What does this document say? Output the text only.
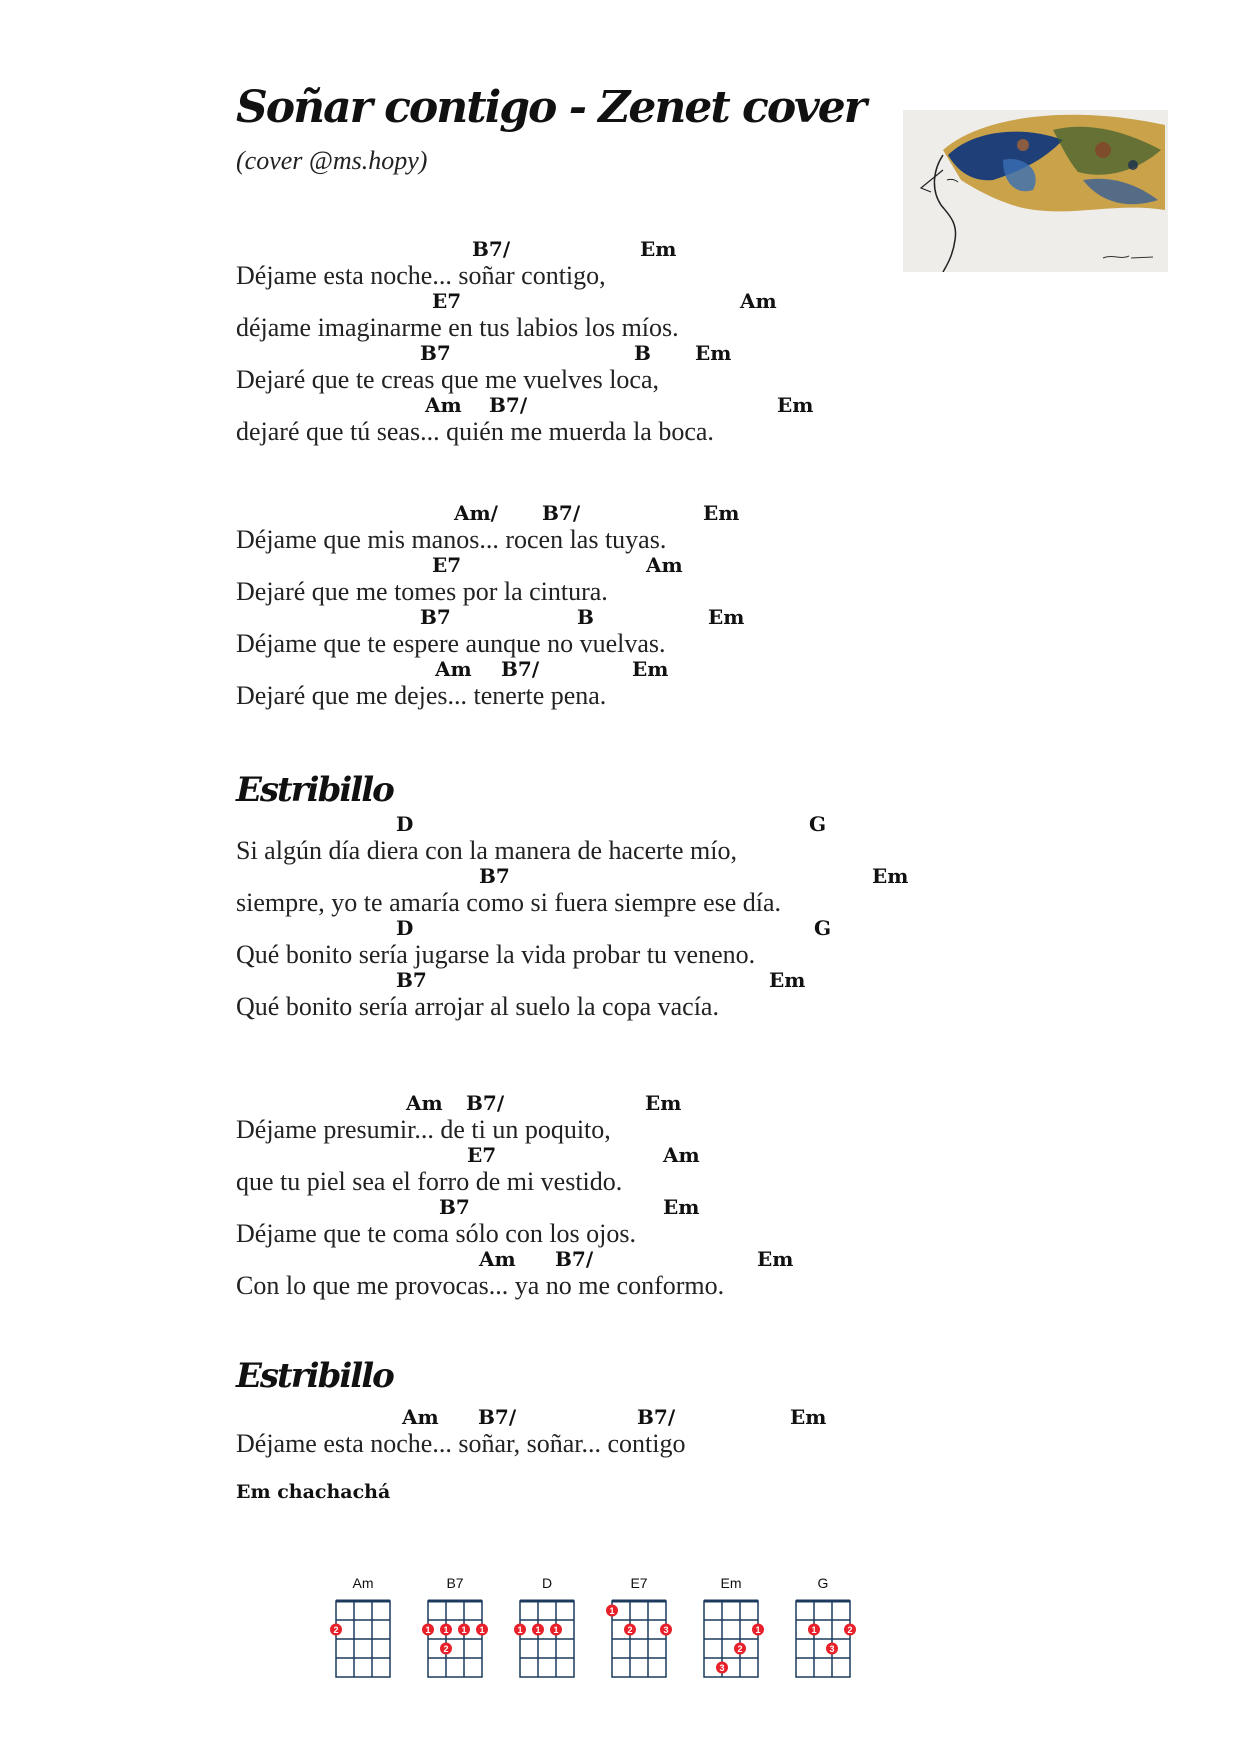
Soñar contigo - Zenet cover
(cover @ms.hopy)
B7/	Em
Déjame esta noche... soñar contigo,
E7	Am
déjame imaginarme en tus labios los míos.
B7	B Em
Dejaré que te creas que me vuelves loca,
Am B7/	Em
dejaré que tú seas... quién me muerda la boca.
Am/ B7/	Em
Déjame que mis manos... rocen las tuyas.
E7	Am
Dejaré que me tomes por la cintura.
B7	B	Em
Déjame que te espere aunque no vuelvas.
Am B7/	Em
Dejaré que me dejes... tenerte pena.
Estribillo
D	G
Si algún día diera con la manera de hacerte mío,
B7	Em
siempre, yo te amaría como si fuera siempre ese día.
D	G
Qué bonito sería jugarse la vida probar tu veneno.
B7	Em
Qué bonito sería arrojar al suelo la copa vacía.
Am B7/	Em
Déjame presumir... de ti un poquito,
E7	Am
que tu piel sea el forro de mi vestido.
B7	Em
Déjame que te coma sólo con los ojos.
Am B7/	Em
Con lo que me provocas... ya no me conformo.
Estribillo
Am B7/	B7/	Em
Déjame esta noche... soñar, soñar... contigo
Em chachachá
Am
2
B7
1 1 1 1
2
D
1 1 1
E7
1
2	3
Em
1
2
3
G
1	2
3
